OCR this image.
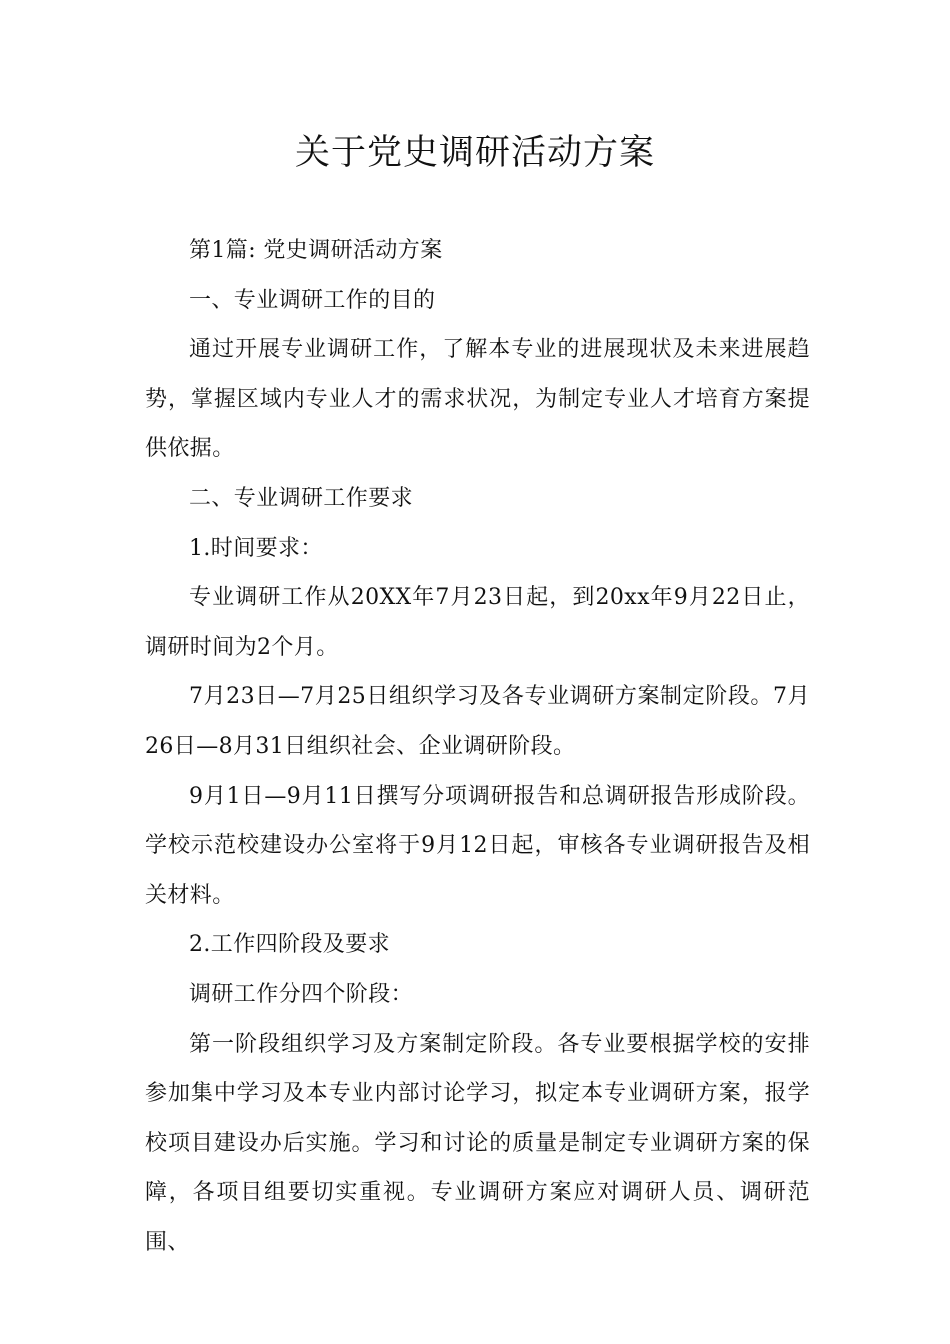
关于党史调研活动方案

第1篇: 党史调研活动方案

一、专业调研工作的目的

通过开展专业调研工作，了解本专业的进展现状及未来进展趋势，掌握区域内专业人才的需求状况，为制定专业人才培育方案提供依据。

二、专业调研工作要求

1.时间要求：

专业调研工作从20XX年7月23日起，到20xx年9月22日止，调研时间为2个月。

7月23日—7月25日组织学习及各专业调研方案制定阶段。7月26日—8月31日组织社会、企业调研阶段。

9月1日—9月11日撰写分项调研报告和总调研报告形成阶段。学校示范校建设办公室将于9月12日起，审核各专业调研报告及相关材料。

2.工作四阶段及要求

调研工作分四个阶段：

第一阶段组织学习及方案制定阶段。各专业要根据学校的安排参加集中学习及本专业内部讨论学习，拟定本专业调研方案，报学校项目建设办后实施。学习和讨论的质量是制定专业调研方案的保障，各项目组要切实重视。专业调研方案应对调研人员、调研范围、
